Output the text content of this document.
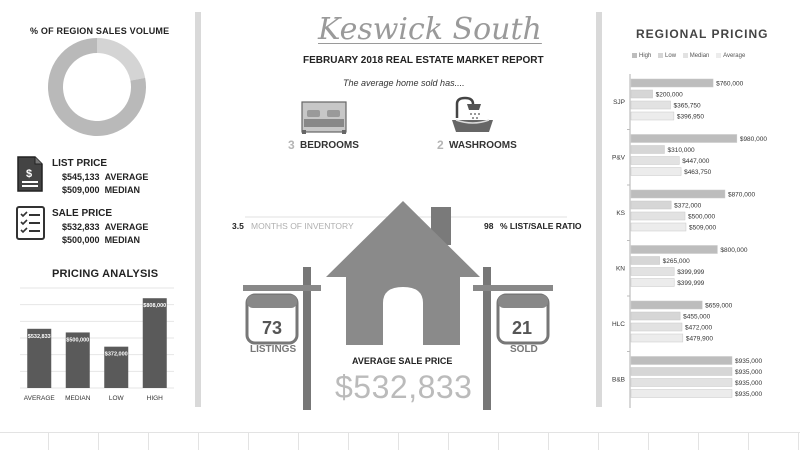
% OF REGION SALES VOLUME
$
LIST PRICE
$545,133 AVERAGE
$509,000 MEDIAN
SALE PRICE
$532,833 AVERAGE
$500,000 MEDIAN
PRICING ANALYSIS
$532,833
AVERAGE
$500,000
MEDIAN
$372,000
LOW
$808,000
HIGH
Keswick South
FEBRUARY 2018 REAL ESTATE MARKET REPORT
The average home sold has....
3 BEDROOMS	2 WASHROOMS
3.5 MONTHS OF INVENTORY	98 % LIST/SALE RATIO
73
LISTINGS
21
SOLD
AVERAGE SALE PRICE
$532,833
REGIONAL PRICING
High Low Median Average
SJP
$760,000
$200,000
$365,750
$396,950
P&V
$980,000
$310,000
$447,000
$463,750
KS
$870,000
$372,000
$500,000
$509,000
KN
$800,000
$265,000
$399,999
$399,999
HLC
$659,000
$455,000
$472,000
$479,900
B&B
$935,000
$935,000
$935,000
$935,000
